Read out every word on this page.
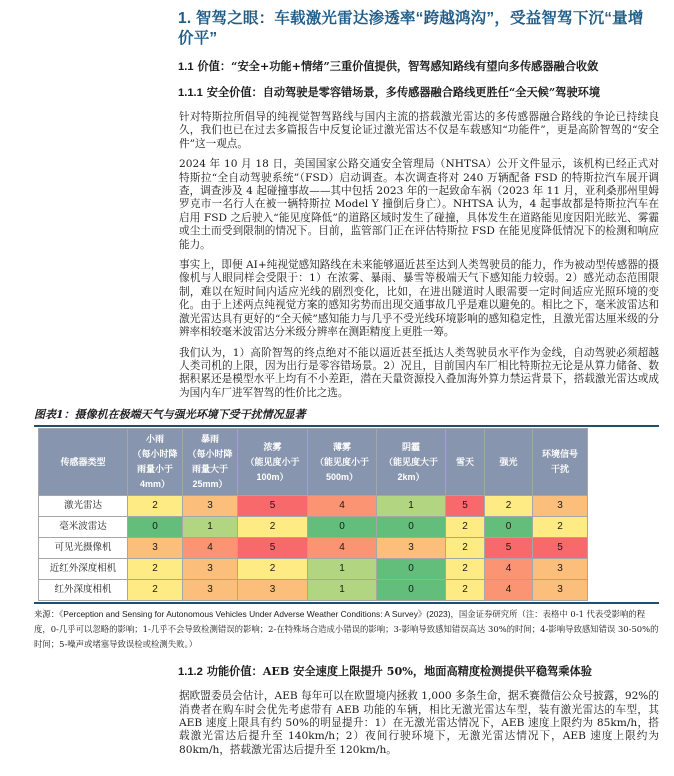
1. 智驾之眼：车载激光雷达渗透率“跨越鸿沟”，受益智驾下沉“量增价平”
1.1 价值：“安全+功能+情绪”三重价值提供，智驾感知路线有望向多传感器融合收敛
1.1.1 安全价值：自动驾驶是零容错场景，多传感器融合路线更胜任“全天候”驾驶环境

针对特斯拉所倡导的纯视觉智驾路线与国内主流的搭载激光雷达的多传感器融合路线的争论已持续良久，我们也已在过去多篇报告中反复论证过激光雷达不仅是车载感知“功能件”，更是高阶智驾的“安全件”这一观点。

2024 年 10 月 18 日，美国国家公路交通安全管理局（NHTSA）公开文件显示，该机构已经正式对特斯拉“全自动驾驶系统”（FSD）启动调查。本次调查将对 240 万辆配备 FSD 的特斯拉汽车展开调查，调查涉及 4 起碰撞事故——其中包括 2023 年的一起致命车祸（2023 年 11 月，亚利桑那州里姆罗克市一名行人在被一辆特斯拉 Model Y 撞倒后身亡）。NHTSA 认为，4 起事故都是特斯拉汽车在启用 FSD 之后驶入“能见度降低”的道路区域时发生了碰撞，具体发生在道路能见度因阳光眩光、雾霾或尘土而受到限制的情况下。目前，监管部门正在评估特斯拉 FSD 在能见度降低情况下的检测和响应能力。

事实上，即便 AI+纯视觉感知路线在未来能够逼近甚至达到人类驾驶员的能力，作为被动型传感器的摄像机与人眼同样会受限于：1）在浓雾、暴雨、暴雪等极端天气下感知能力较弱。2）感光动态范围限制，难以在短时间内适应光线的剧烈变化，比如，在进出隧道时人眼需要一定时间适应光照环境的变化。由于上述两点纯视觉方案的感知劣势而出现交通事故几乎是难以避免的。相比之下，毫米波雷达和激光雷达具有更好的“全天候”感知能力与几乎不受光线环境影响的感知稳定性，且激光雷达厘米级的分辨率相较毫米波雷达分米级分辨率在测距精度上更胜一筹。

我们认为，1）高阶智驾的终点绝对不能以逼近甚至抵达人类驾驶员水平作为金线，自动驾驶必须超越人类司机的上限，因为出行是零容错场景。2）况且，目前国内车厂相比特斯拉无论是从算力储备、数据积累还是模型水平上均有不小差距，潜在天量资源投入叠加海外算力禁运背景下，搭载激光雷达或成为国内车厂进军智驾的性价比之选。

图表1：摄像机在极端天气与强光环境下受干扰情况显著
传感器类型	小雨
（每小时降
雨量小于
4mm）	暴雨
（每小时降
雨量大于
25mm）	浓雾
（能见度小于
100m）	薄雾
（能见度小于
500m）	阴霾
（能见度大于
2km）	雪天	强光	环境信号
干扰
激光雷达	2	3	5	4	1	5	2	3
毫米波雷达	0	1	2	0	0	2	0	2
可见光摄像机	3	4	5	4	3	2	5	5
近红外深度相机	2	3	2	1	0	2	4	3
红外深度相机	2	3	3	1	0	2	4	3
来源：《Perception and Sensing for Autonomous Vehicles Under Adverse Weather Conditions: A Survey》(2023)，国金证券研究所（注：表格中 0-1 代表受影响的程度，0-几乎可以忽略的影响；1-几乎不会导致检测错误的影响；2-在特殊场合造成小错误的影响；3-影响导致感知错误高达 30%的时间；4-影响导致感知错误 30-50%的时间；5-噪声或堵塞导致误检或检测失败。）
1.1.2 功能价值：AEB 安全速度上限提升 50%，地面高精度检测提供平稳驾乘体验

据欧盟委员会估计，AEB 每年可以在欧盟境内拯救 1,000 多条生命，据禾赛微信公众号披露，92%的消费者在购车时会优先考虑带有 AEB 功能的车辆，相比无激光雷达车型，装有激光雷达的车型，其 AEB 速度上限具有约 50%的明显提升：1）在无激光雷达情况下，AEB 速度上限约为 85km/h，搭载激光雷达后提升至 140km/h；2）夜间行驶环境下，无激光雷达情况下，AEB 速度上限约为 80km/h，搭载激光雷达后提升至 120km/h。
